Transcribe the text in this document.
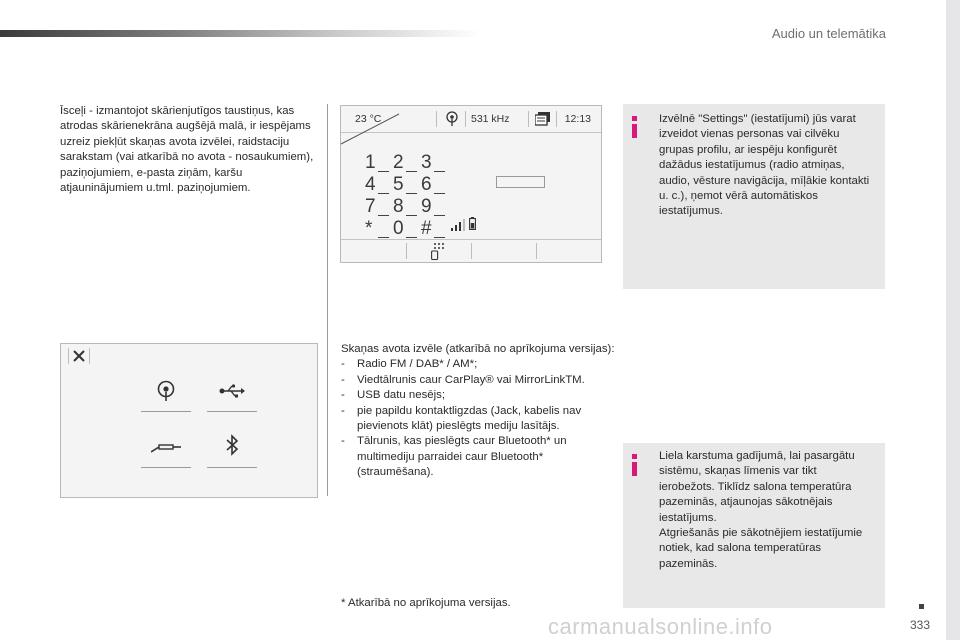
Audio un telemātika
Īsceļi - izmantojot skārienjutīgos taustiņus, kas atrodas skārienekrāna augšējā malā, ir iespējams uzreiz piekļūt skaņas avota izvēlei, raidstaciju sarakstam (vai atkarībā no avota - nosaukumiem), paziņojumiem, e-pasta ziņām, karšu atjauninājumiem u.tml. paziņojumiem.
23 °C	531 kHz	12:13
1 2 3
4 5 6
7 8 9
*	0 #
Skaņas avota izvēle (atkarībā no aprīkojuma versijas):
-	Radio FM / DAB* / AM*;
-	Viedtālrunis caur CarPlay® vai MirrorLinkTM.
-	USB datu nesējs;
-	pie papildu kontaktligzdas (Jack, kabelis nav pievienots klāt) pieslēgts mediju lasītājs.
-	Tālrunis, kas pieslēgts caur Bluetooth* un multimediju parraidei caur Bluetooth* (straumēšana).
* Atkarībā no aprīkojuma versijas.
Izvēlnē "Settings" (iestatījumi) jūs varat izveidot vienas personas vai cilvēku grupas profilu, ar iespēju konfigurēt dažādus iestatījumus (radio atmiņas, audio, vēsture navigācija, mīļākie kontakti u. c.), ņemot vērā automātiskos iestatījumus.
Liela karstuma gadījumā, lai pasargātu sistēmu, skaņas līmenis var tikt ierobežots. Tiklīdz salona temperatūra pazeminās, atjaunojas sākotnējais iestatījums.
Atgriešanās pie sākotnējiem iestatījumie notiek, kad salona temperatūras pazeminās.
333
carmanualsonline.info
